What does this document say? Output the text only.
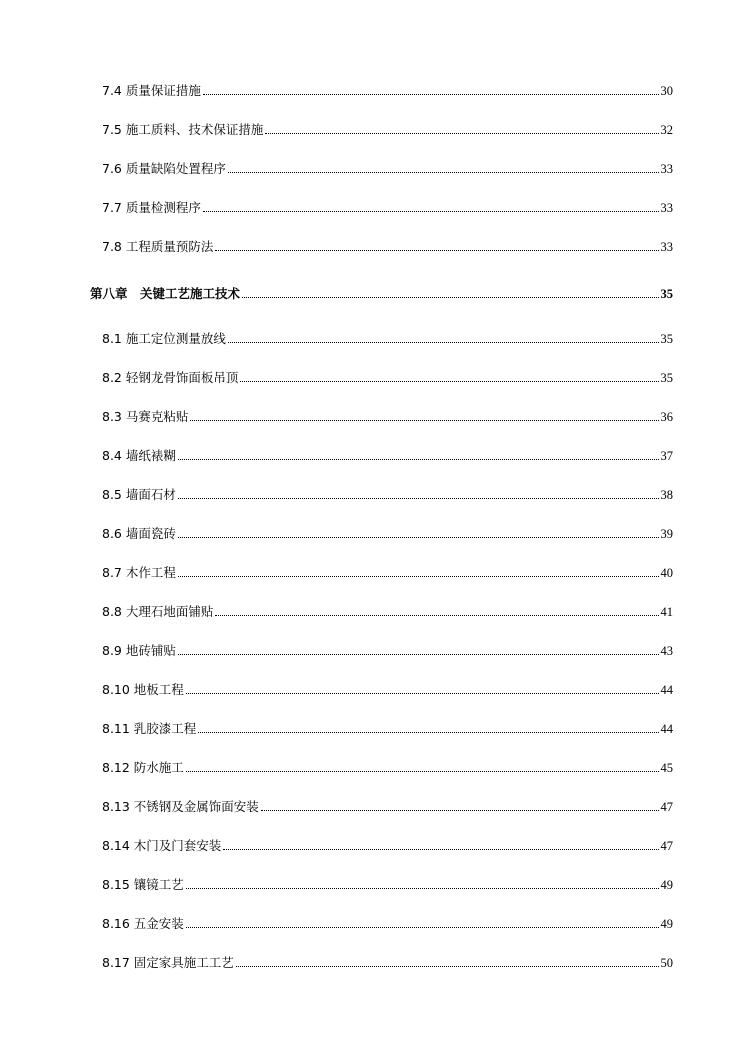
7.4 质量保证措施	30
7.5 施工质料、技术保证措施	32
7.6 质量缺陷处置程序	33
7.7 质量检测程序	33
7.8 工程质量预防法	33
第八章　关键工艺施工技术	35
8.1 施工定位测量放线	35
8.2 轻钢龙骨饰面板吊顶	35
8.3 马赛克粘贴	36
8.4 墙纸裱糊	37
8.5 墙面石材	38
8.6 墙面瓷砖	39
8.7 木作工程	40
8.8 大理石地面铺贴	41
8.9 地砖铺贴	43
8.10 地板工程	44
8.11 乳胶漆工程	44
8.12 防水施工	45
8.13 不锈钢及金属饰面安装	47
8.14 木门及门套安装	47
8.15 镶镜工艺	49
8.16 五金安装	49
8.17 固定家具施工工艺	50
